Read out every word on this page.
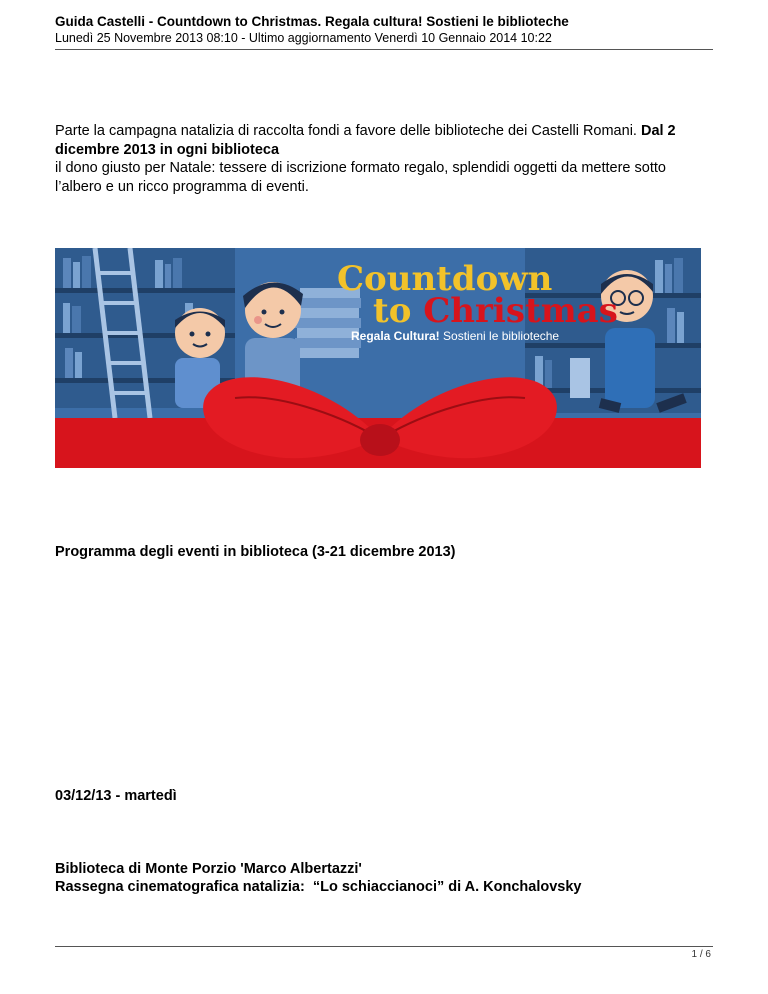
Guida Castelli - Countdown to Christmas. Regala cultura! Sostieni le biblioteche
Lunedì 25 Novembre 2013 08:10 - Ultimo aggiornamento Venerdì 10 Gennaio 2014 10:22
Parte la campagna natalizia di raccolta fondi a favore delle biblioteche dei Castelli Romani. Dal 2 dicembre 2013 in ogni biblioteca
il dono giusto per Natale: tessere di iscrizione formato regalo, splendidi oggetti da mettere sotto l’albero e un ricco programma di eventi.
Countdown
to Christmas
Regala Cultura! Sostieni le biblioteche
Programma degli eventi in biblioteca (3-21 dicembre 2013)
03/12/13 - martedì
Biblioteca di Monte Porzio 'Marco Albertazzi'
Rassegna cinematografica natalizia:  “Lo schiaccianoci” di A. Konchalovsky
1 / 6
